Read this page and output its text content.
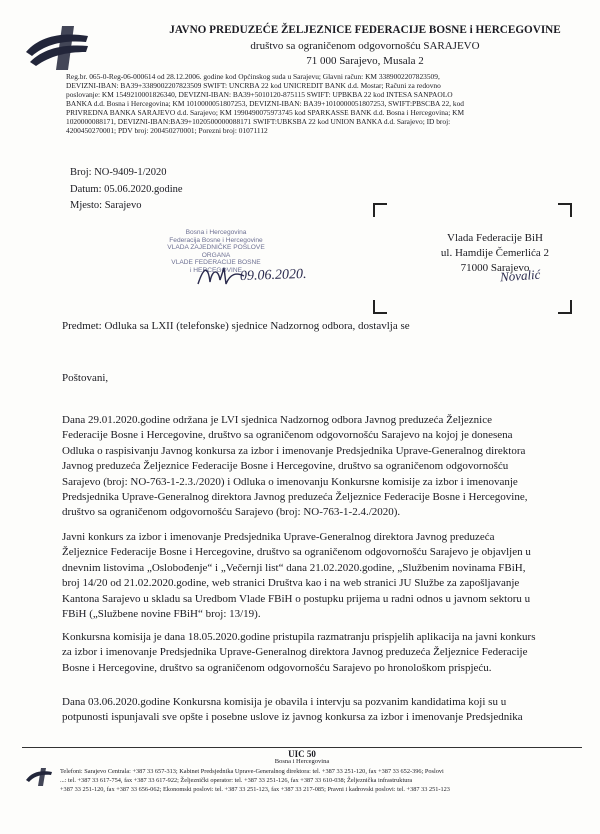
JAVNO PREDUZEĆE ŽELJEZNICE FEDERACIJE BOSNE i HERCEGOVINE
društvo sa ograničenom odgovornošću SARAJEVO
71 000 Sarajevo, Musala 2
Reg.br. 065-0-Reg-06-000614 od 28.12.2006. godine kod Općinskog suda u Sarajevu; Glavni račun: KM 3389002207823509,
DEVIZNI-IBAN: BA39+3389002207823509 SWIFT: UNCRBA 22 kod UNICREDIT BANK d.d. Mostar; Računi za redovno
poslovanje: KM 1549210001826340, DEVIZNI-IBAN: BA39+5010120-875115 SWIFT: UPBKBA 22 kod INTESA SANPAOLO
BANKA d.d. Bosna i Hercegovina; KM 1010000051807253, DEVIZNI-IBAN: BA39+1010000051807253, SWIFT:PBSCBA 22, kod
PRIVREDNA BANKA SARAJEVO d.d. Sarajevo; KM 1990490075973745 kod SPARKASSE BANK d.d. Bosna i Hercegovina; KM
1020000088171, DEVIZNI-IBAN:BA39+1020500000088171 SWIFT:UBKSBA 22 kod UNION BANKA d.d. Sarajevo; ID broj:
4200450270001; PDV broj: 200450270001; Porezni broj: 01071112
Broj: NO-9409-1/2020
Datum: 05.06.2020.godine
Mjesto: Sarajevo
Bosna i Hercegovina
Federacija Bosne i Hercegovine
VLADA ZAJEDNIČKE POSLOVE ORGANA
VLADE FEDERACIJE BOSNE
i HERCEGOVINE
09.06.2020.
Vlada Federacije BiH
ul. Hamdije Čemerlića 2
71000 Sarajevo
Novalić
Predmet: Odluka sa LXII (telefonske) sjednice Nadzornog odbora, dostavlja se
Poštovani,
Dana 29.01.2020.godine održana je LVI sjednica Nadzornog odbora Javnog preduzeća Željeznice
Federacije Bosne i Hercegovine, društvo sa ograničenom odgovornošću Sarajevo na kojoj je donesena
Odluka o raspisivanju Javnog konkursa za izbor i imenovanje Predsjednika Uprave-Generalnog direktora
Javnog preduzeća Željeznice Federacije Bosne i Hercegovine, društvo sa ograničenom odgovornošću
Sarajevo (broj: NO-763-1-2.3./2020) i Odluka o imenovanju Konkursne komisije za izbor i imenovanje
Predsjednika Uprave-Generalnog direktora Javnog preduzeća Željeznice Federacije Bosne i Hercegovine,
društvo sa ograničenom odgovornošću Sarajevo (broj: NO-763-1-2.4./2020).
Javni konkurs za izbor i imenovanje Predsjednika Uprave-Generalnog direktora Javnog preduzeća
Željeznice Federacije Bosne i Hercegovine, društvo sa ograničenom odgovornošću Sarajevo je objavljen u
dnevnim listovima „Oslobođenje“ i „Večernji list“ dana 21.02.2020.godine, „Službenim novinama FBiH,
broj 14/20 od 21.02.2020.godine, web stranici Društva kao i na web stranici JU Službe za zapošljavanje
Kantona Sarajevo u skladu sa Uredbom Vlade FBiH o postupku prijema u radni odnos u javnom sektoru u
FBiH („Službene novine FBiH“ broj: 13/19).
Konkursna komisija je dana 18.05.2020.godine pristupila razmatranju prispjelih aplikacija na javni konkurs
za izbor i imenovanje Predsjednika Uprave-Generalnog direktora Javnog preduzeća Željeznice Federacije
Bosne i Hercegovine, društvo sa ograničenom odgovornošću Sarajevo po hronološkom prispjeću.
Dana 03.06.2020.godine Konkursna komisija je obavila i intervju sa pozvanim kandidatima koji su u
potpunosti ispunjavali sve opšte i posebne uslove iz javnog konkursa za izbor i imenovanje Predsjednika
UIC 50
Bosna i Hercegovina
Telefoni: Sarajevo Centrala: +387 33 657-313; Kabinet Predsjednika Uprave-Generalnog direktora: tel. +387 33 251-120, fax +387 33 652-396; Poslovi
...: tel. +387 33 617-754, fax +387 33 617-922; Željeznički operator: tel. +387 33 251-126, fax +387 33 610-038; Željeznička infrastruktura
+387 33 251-120, fax +387 33 656-062; Ekonomski poslovi: tel. +387 33 251-123, fax +387 33 217-085; Pravni i kadrovski poslovi: tel. +387 33 251-123
